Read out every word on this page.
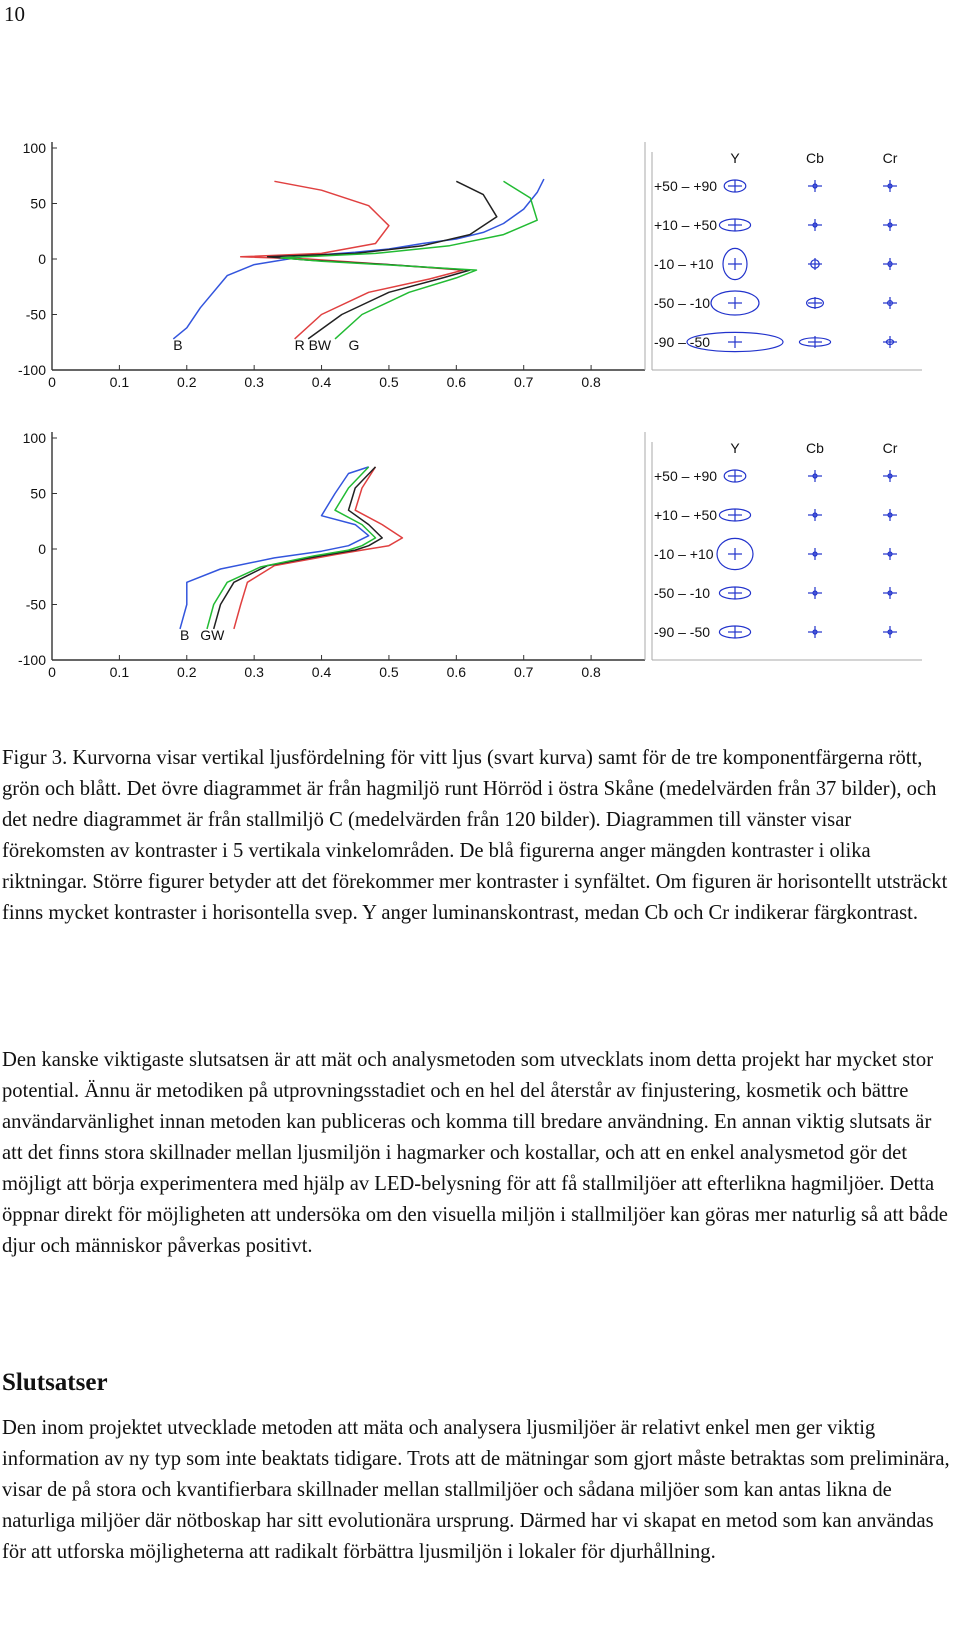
10
100
50
0
-50
-100
0	0.1	0.2	0.3	0.4	0.5	0.6	0.7	0.8
B	R BW G
Y	Cb	Cr
+50 – +90
+10 – +50
-10 – +10
-50 – -10
-90 – -50
100
50
0
-50
-100
0	0.1	0.2	0.3	0.4	0.5	0.6	0.7	0.8
B GW
Y	Cb	Cr
+50 – +90
+10 – +50
-10 – +10
-50 – -10
-90 – -50

Figur 3. Kurvorna visar vertikal ljusfördelning för vitt ljus (svart kurva) samt för de tre komponentfärgerna rött, grön och blått. Det övre diagrammet är från hagmiljö runt Hörröd i östra Skåne (medelvärden från 37 bilder), och det nedre diagrammet är från stallmiljö C (medelvärden från 120 bilder). Diagrammen till vänster visar förekomsten av kontraster i 5 vertikala vinkelområden. De blå figurerna anger mängden kontraster i olika riktningar. Större figurer betyder att det förekommer mer kontraster i synfältet. Om figuren är horisontellt utsträckt finns mycket kontraster i horisontella svep. Y anger luminanskontrast, medan Cb och Cr indikerar färgkontrast.

Den kanske viktigaste slutsatsen är att mät och analysmetoden som utvecklats inom detta projekt har mycket stor potential. Ännu är metodiken på utprovningsstadiet och en hel del återstår av finjustering, kosmetik och bättre användarvänlighet innan metoden kan publiceras och komma till bredare användning. En annan viktig slutsats är att det finns stora skillnader mellan ljusmiljön i hagmarker och kostallar, och att en enkel analysmetod gör det möjligt att börja experimentera med hjälp av LED-belysning för att få stallmiljöer att efterlikna hagmiljöer. Detta öppnar direkt för möjligheten att undersöka om den visuella miljön i stallmiljöer kan göras mer naturlig så att både djur och människor påverkas positivt.

Slutsatser

Den inom projektet utvecklade metoden att mäta och analysera ljusmiljöer är relativt enkel men ger viktig information av ny typ som inte beaktats tidigare. Trots att de mätningar som gjort måste betraktas som preliminära, visar de på stora och kvantifierbara skillnader mellan stallmiljöer och sådana miljöer som kan antas likna de naturliga miljöer där nötboskap har sitt evolutionära ursprung. Därmed har vi skapat en metod som kan användas för att utforska möjligheterna att radikalt förbättra ljusmiljön i lokaler för djurhållning.
